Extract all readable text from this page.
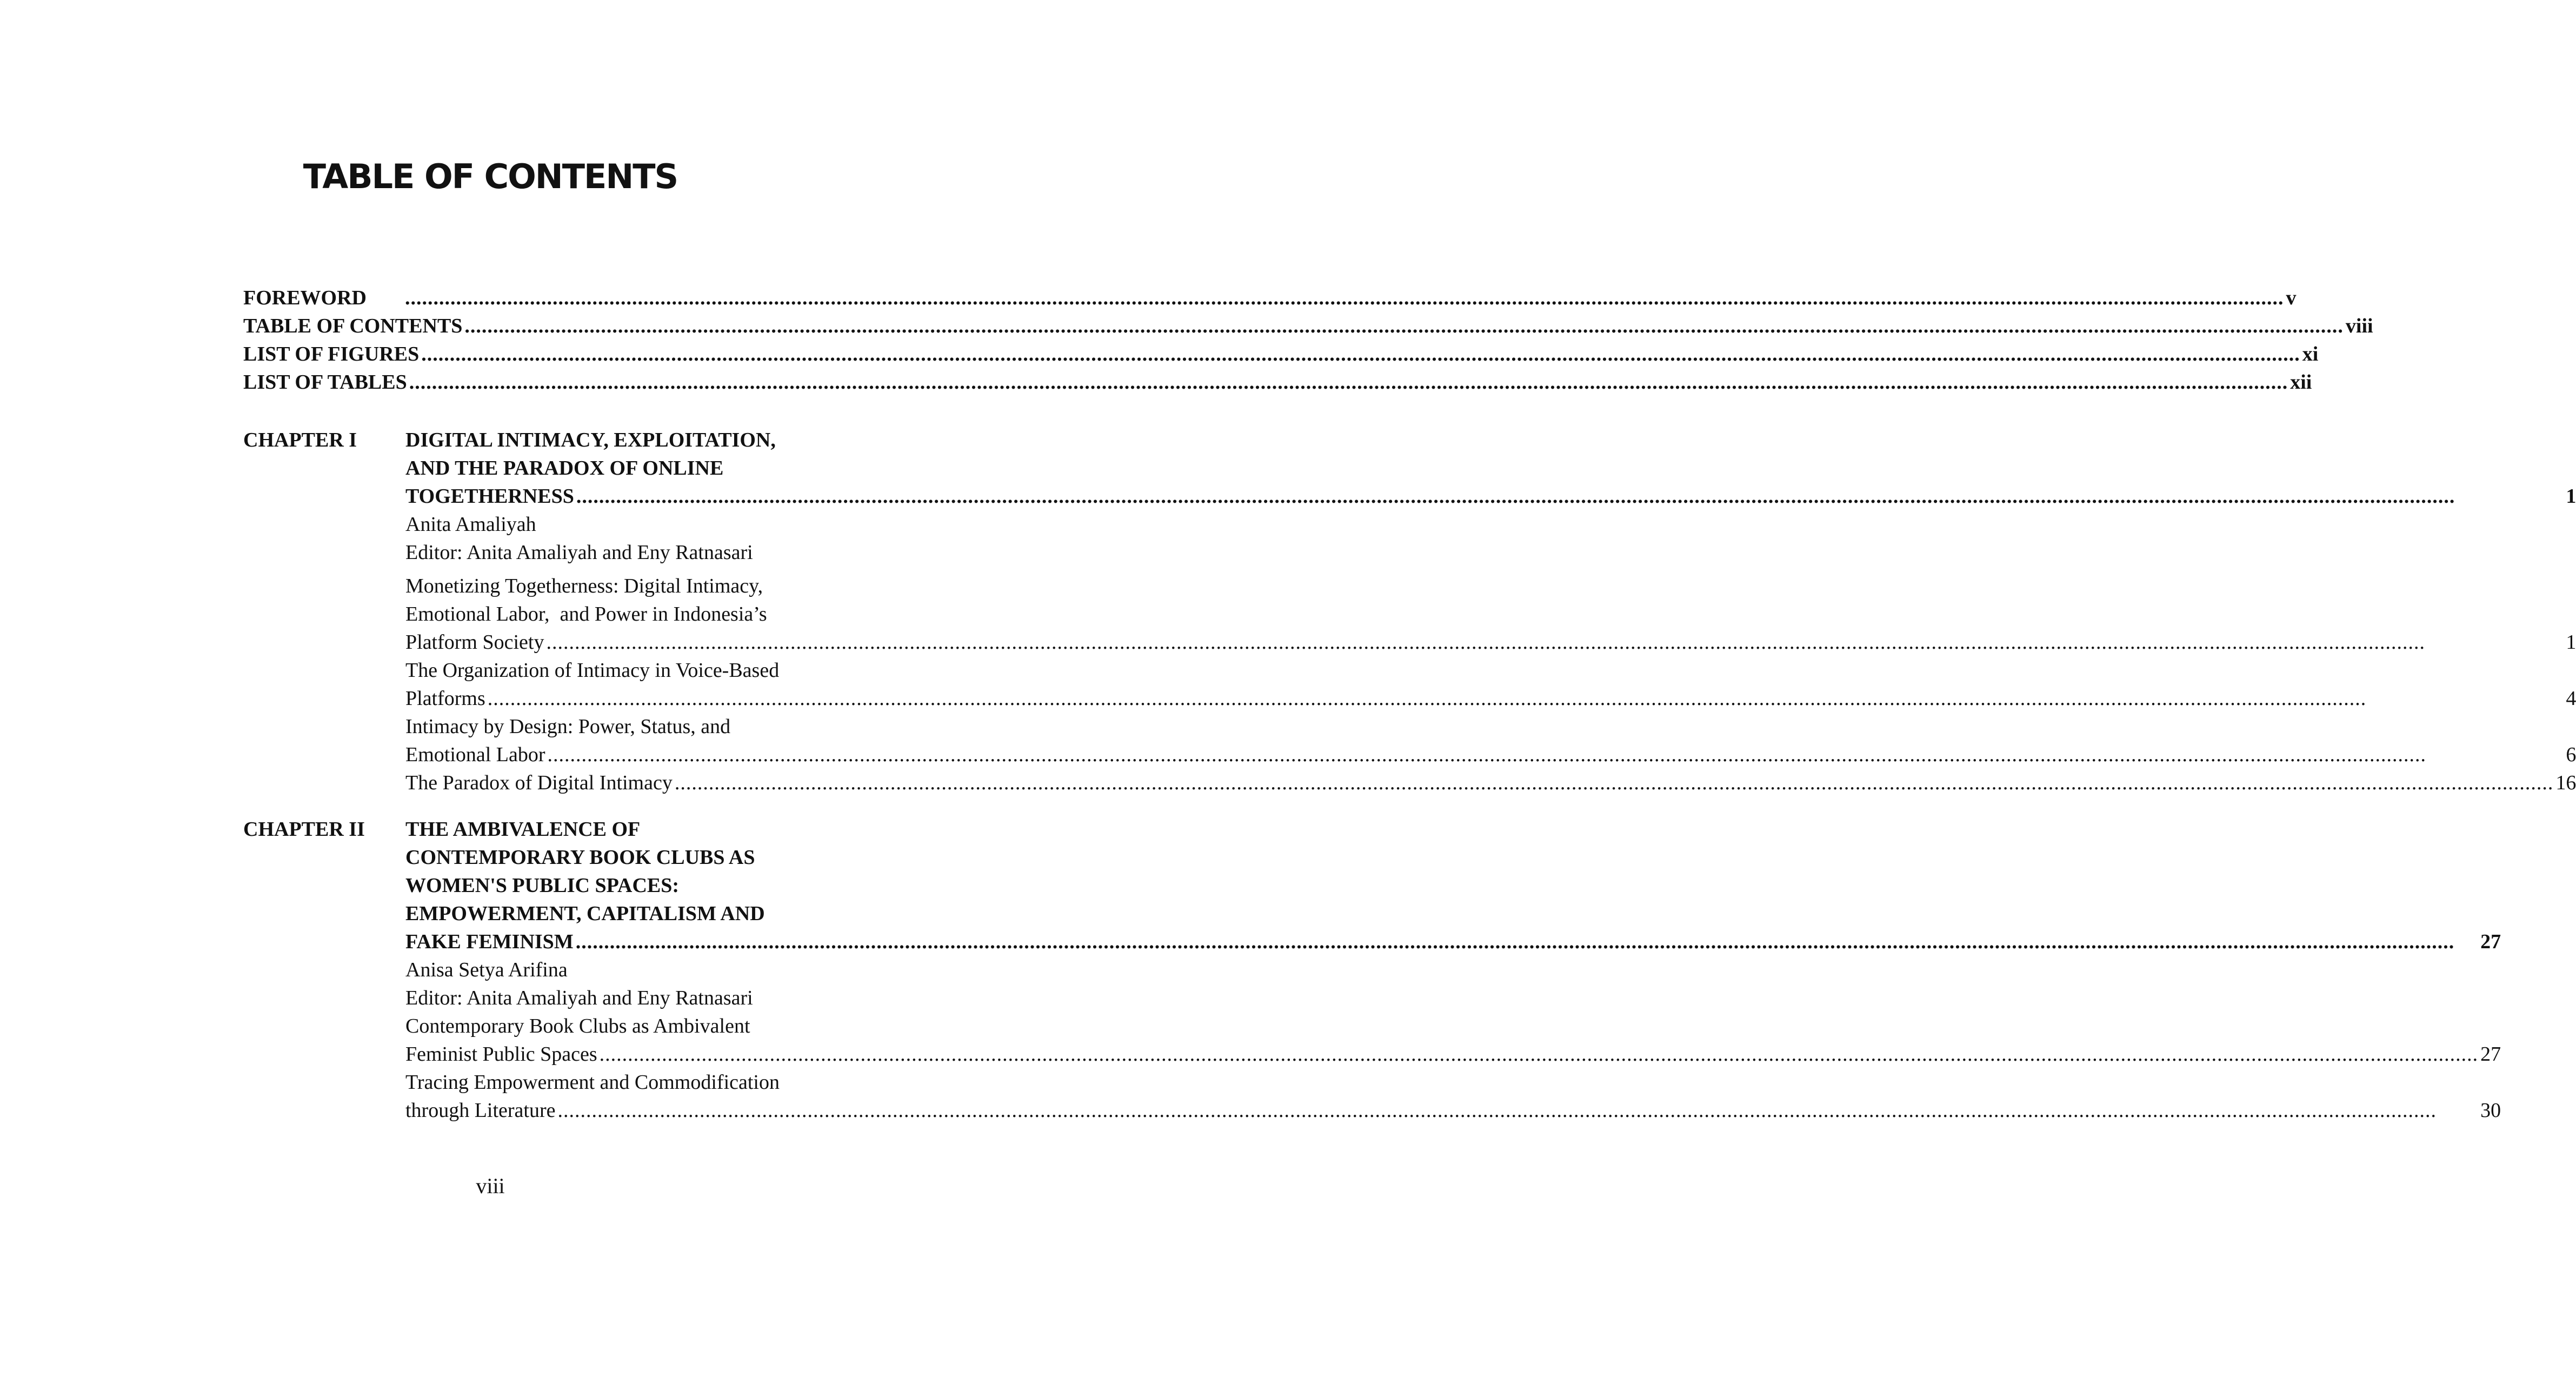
TABLE OF CONTENTS
FOREWORD .....	v
TABLE OF CONTENTS .....	viii
LIST OF FIGURES .....	xi
LIST OF TABLES .....	xii
CHAPTER I	DIGITAL INTIMACY, EXPLOITATION,
AND THE PARADOX OF ONLINE
TOGETHERNESS .....	1
Anita Amaliyah
Editor: Anita Amaliyah and Eny Ratnasari
Monetizing Togetherness: Digital Intimacy,
Emotional Labor,  and Power in Indonesia’s
Platform Society .....	1
The Organization of Intimacy in Voice-Based
Platforms .....	4
Intimacy by Design: Power, Status, and
Emotional Labor .....	6
The Paradox of Digital Intimacy .....	16
CHAPTER II	THE AMBIVALENCE OF
CONTEMPORARY BOOK CLUBS AS
WOMEN'S PUBLIC SPACES:
EMPOWERMENT, CAPITALISM AND
FAKE FEMINISM .....	27
Anisa Setya Arifina
Editor: Anita Amaliyah and Eny Ratnasari
Contemporary Book Clubs as Ambivalent
Feminist Public Spaces .....	27
Tracing Empowerment and Commodification
through Literature .....	30
viii
